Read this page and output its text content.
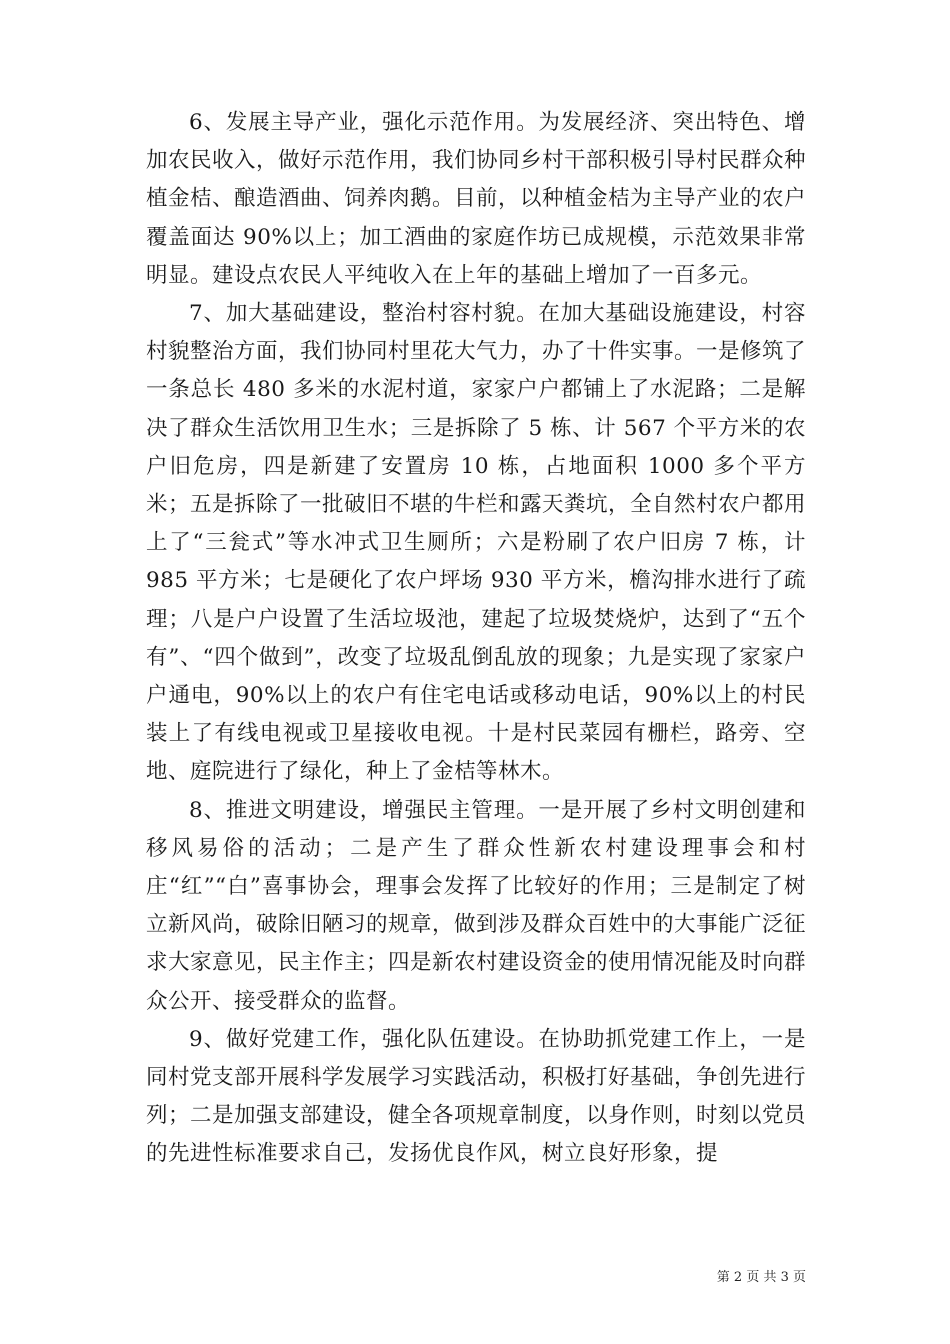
6、发展主导产业，强化示范作用。为发展经济、突出特色、增加农民收入，做好示范作用，我们协同乡村干部积极引导村民群众种植金桔、酿造酒曲、饲养肉鹅。目前，以种植金桔为主导产业的农户覆盖面达 90%以上；加工酒曲的家庭作坊已成规模，示范效果非常明显。建设点农民人平纯收入在上年的基础上增加了一百多元。

7、加大基础建设，整治村容村貌。在加大基础设施建设，村容村貌整治方面，我们协同村里花大气力，办了十件实事。一是修筑了一条总长 480 多米的水泥村道，家家户户都铺上了水泥路；二是解决了群众生活饮用卫生水；三是拆除了 5 栋、计 567 个平方米的农户旧危房，四是新建了安置房 10 栋，占地面积 1000 多个平方米；五是拆除了一批破旧不堪的牛栏和露天粪坑，全自然村农户都用上了“三瓮式”等水冲式卫生厕所；六是粉刷了农户旧房 7 栋，计 985 平方米；七是硬化了农户坪场 930 平方米，檐沟排水进行了疏理；八是户户设置了生活垃圾池，建起了垃圾焚烧炉，达到了“五个有”、“四个做到”，改变了垃圾乱倒乱放的现象；九是实现了家家户户通电，90%以上的农户有住宅电话或移动电话，90%以上的村民装上了有线电视或卫星接收电视。十是村民菜园有栅栏，路旁、空地、庭院进行了绿化，种上了金桔等林木。

8、推进文明建设，增强民主管理。一是开展了乡村文明创建和移风易俗的活动；二是产生了群众性新农村建设理事会和村庄“红”“白”喜事协会，理事会发挥了比较好的作用；三是制定了树立新风尚，破除旧陋习的规章，做到涉及群众百姓中的大事能广泛征求大家意见，民主作主；四是新农村建设资金的使用情况能及时向群众公开、接受群众的监督。

9、做好党建工作，强化队伍建设。在协助抓党建工作上，一是同村党支部开展科学发展学习实践活动，积极打好基础，争创先进行列；二是加强支部建设，健全各项规章制度，以身作则，时刻以党员的先进性标准要求自己，发扬优良作风，树立良好形象，提

第 2 页 共 3 页
